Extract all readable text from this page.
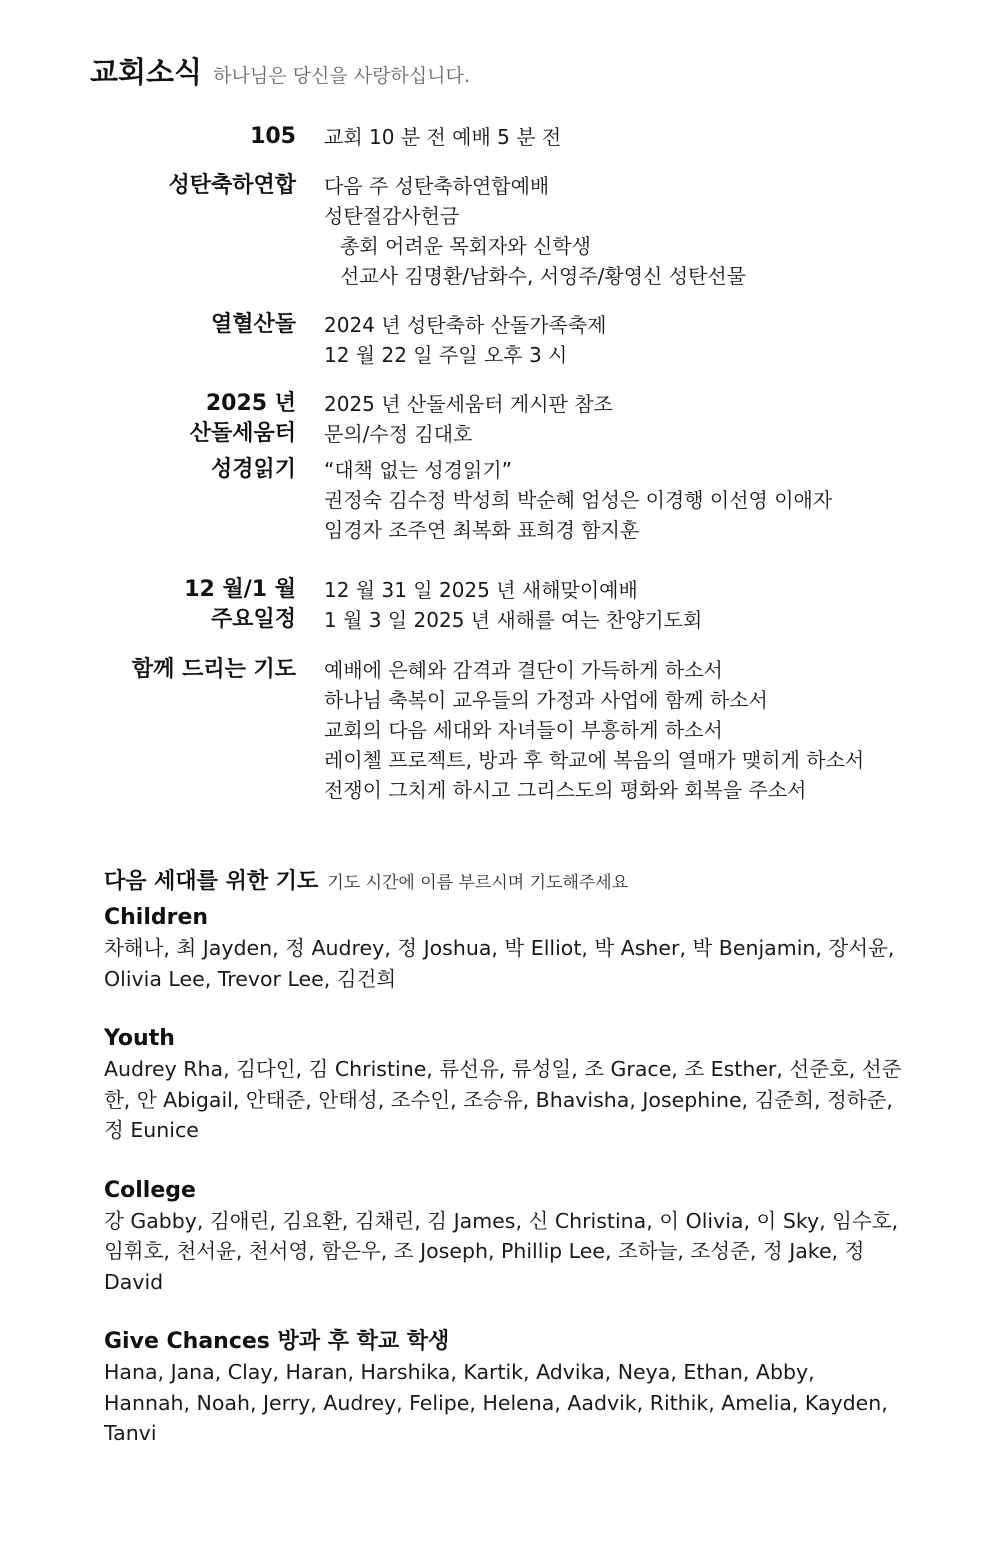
교회소식 하나님은 당신을 사랑하십니다.
105 교회 10 분 전 예배 5 분 전
성탄축하연합 다음 주 성탄축하연합예배
성탄절감사헌금
총회 어려운 목회자와 신학생
선교사 김명환/남화수, 서영주/황영신 성탄선물
열혈산돌 2024 년 성탄축하 산돌가족축제
12 월 22 일 주일 오후 3 시
2025 년
산돌세움터
2025 년 산돌세움터 게시판 참조
문의/수정 김대호
성경읽기 “대책 없는 성경읽기”
권정숙 김수정 박성희 박순혜 엄성은 이경행 이선영 이애자
임경자 조주연 최복화 표희경 함지훈
12 월/1 월
주요일정
12 월 31 일 2025 년 새해맞이예배
1 월 3 일 2025 년 새해를 여는 찬양기도회
함께 드리는 기도 예배에 은혜와 감격과 결단이 가득하게 하소서
하나님 축복이 교우들의 가정과 사업에 함께 하소서
교회의 다음 세대와 자녀들이 부흥하게 하소서
레이첼 프로젝트, 방과 후 학교에 복음의 열매가 맺히게 하소서
전쟁이 그치게 하시고 그리스도의 평화와 회복을 주소서
다음 세대를 위한 기도 기도 시간에 이름 부르시며 기도해주세요
Children
차해나, 최 Jayden, 정 Audrey, 정 Joshua, 박 Elliot, 박 Asher, 박 Benjamin, 장서윤, Olivia Lee, Trevor Lee, 김건희
Youth
Audrey Rha, 김다인, 김 Christine, 류선유, 류성일, 조 Grace, 조 Esther, 선준호, 선준한, 안 Abigail, 안태준, 안태성, 조수인, 조승유, Bhavisha, Josephine, 김준희, 정하준, 정 Eunice
College
강 Gabby, 김애린, 김요환, 김채린, 김 James, 신 Christina, 이 Olivia, 이 Sky, 임수호, 임휘호, 천서윤, 천서영, 함은우, 조 Joseph, Phillip Lee, 조하늘, 조성준, 정 Jake, 정 David
Give Chances 방과 후 학교 학생
Hana, Jana, Clay, Haran, Harshika, Kartik, Advika, Neya, Ethan, Abby, Hannah, Noah, Jerry, Audrey, Felipe, Helena, Aadvik, Rithik, Amelia, Kayden, Tanvi
